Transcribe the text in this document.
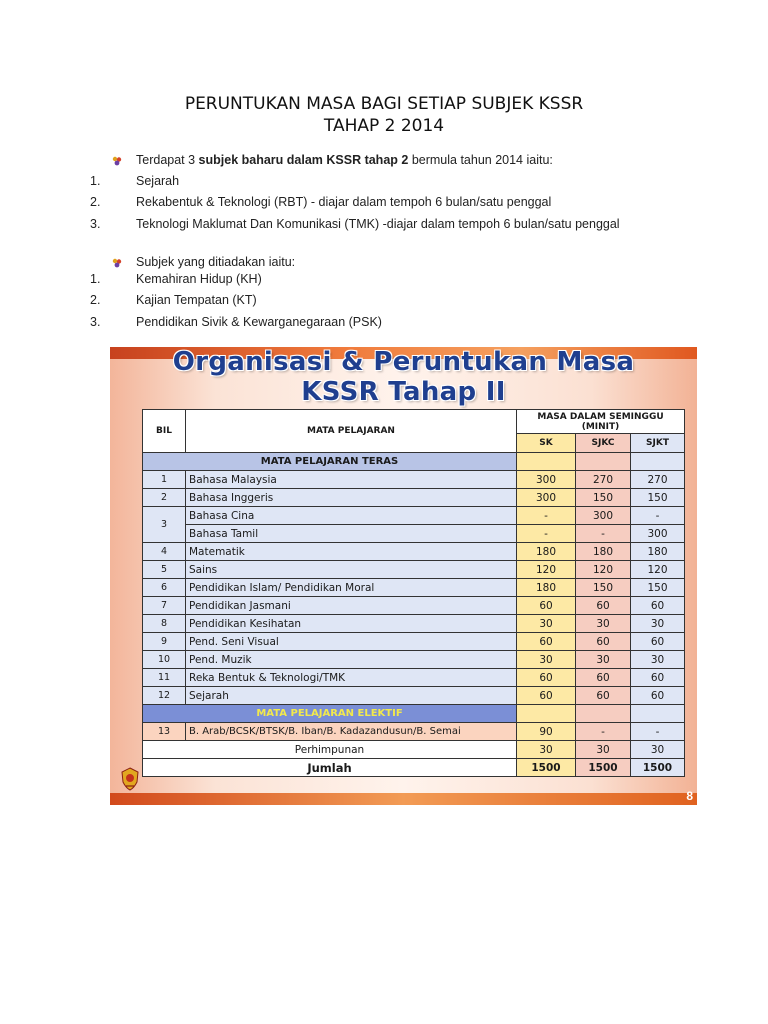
PERUNTUKAN MASA BAGI SETIAP SUBJEK KSSR
TAHAP 2 2014
Terdapat 3 subjek baharu dalam KSSR tahap 2 bermula tahun 2014 iaitu:
1.	Sejarah
2.	Rekabentuk & Teknologi (RBT) - diajar dalam tempoh 6 bulan/satu penggal
3.	Teknologi Maklumat Dan Komunikasi (TMK) -diajar dalam tempoh 6 bulan/satu penggal
Subjek yang ditiadakan iaitu:
1.	Kemahiran Hidup (KH)
2.	Kajian Tempatan (KT)
3.	Pendidikan Sivik & Kewarganegaraan (PSK)
Organisasi & Peruntukan Masa
KSSR Tahap II
BIL	MATA PELAJARAN	MASA DALAM SEMINGGU (MINIT)		
		SK	SJKC	SJKT
MATA PELAJARAN TERAS				
1	Bahasa Malaysia	300	270	270
2	Bahasa Inggeris	300	150	150
3	Bahasa Cina	-	300	-
	Bahasa Tamil	-	-	300
4	Matematik	180	180	180
5	Sains	120	120	120
6	Pendidikan Islam/ Pendidikan Moral	180	150	150
7	Pendidikan Jasmani	60	60	60
8	Pendidikan Kesihatan	30	30	30
9	Pend. Seni Visual	60	60	60
10	Pend. Muzik	30	30	30
11	Reka Bentuk & Teknologi/TMK	60	60	60
12	Sejarah	60	60	60
MATA PELAJARAN ELEKTIF				
13	B. Arab/BCSK/BTSK/B. Iban/B. Kadazandusun/B. Semai	90	-	-
Perhimpunan		30	30	30
Jumlah		1500	1500	1500
8
